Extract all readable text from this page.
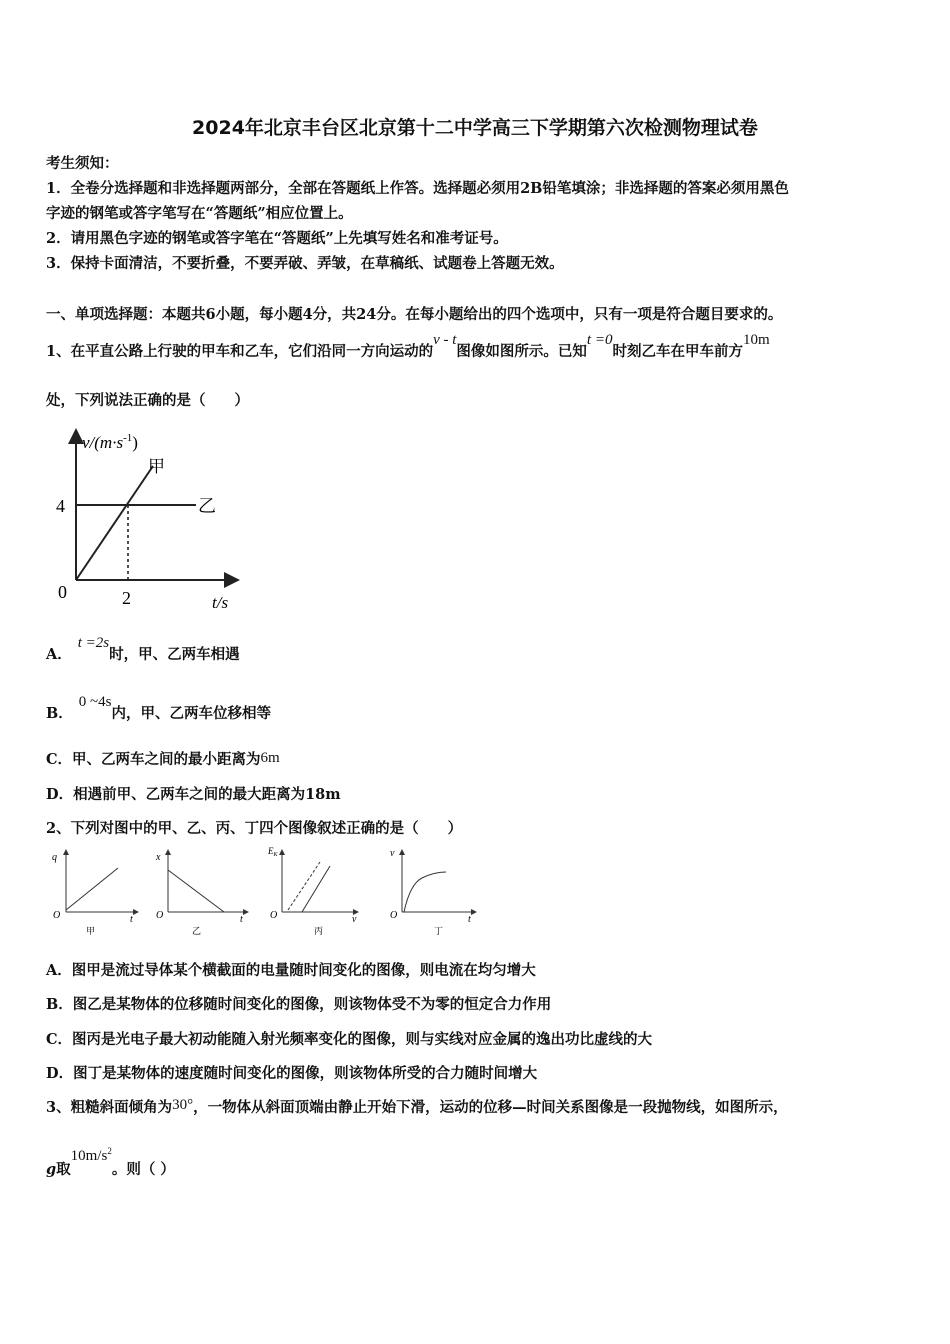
2024年北京丰台区北京第十二中学高三下学期第六次检测物理试卷
考生须知：
1．全卷分选择题和非选择题两部分，全部在答题纸上作答。选择题必须用2B铅笔填涂；非选择题的答案必须用黑色
字迹的钢笔或答字笔写在“答题纸”相应位置上。
2．请用黑色字迹的钢笔或答字笔在“答题纸”上先填写姓名和准考证号。
3．保持卡面清洁，不要折叠，不要弄破、弄皱，在草稿纸、试题卷上答题无效。
一、单项选择题：本题共6小题，每小题4分，共24分。在每小题给出的四个选项中，只有一项是符合题目要求的。
1、在平直公路上行驶的甲车和乙车，它们沿同一方向运动的v - t图像如图所示。已知t =0时刻乙车在甲车前方10m
处，下列说法正确的是（　　）
$v/(m\cdot s^{-1})$
甲
乙
4
0	2	t/s
A．t =2s时，甲、乙两车相遇
B．0 ~4s内，甲、乙两车位移相等
C．甲、乙两车之间的最小距离为6m
D．相遇前甲、乙两车之间的最大距离为18m
2、下列对图中的甲、乙、丙、丁四个图像叙述正确的是（　　）
q
O	t
甲
x
O	t
乙
$E_K$
O	ν
丙
v
O	t
丁
A．图甲是流过导体某个横截面的电量随时间变化的图像，则电流在均匀增大
B．图乙是某物体的位移随时间变化的图像，则该物体受不为零的恒定合力作用
C．图丙是光电子最大初动能随入射光频率变化的图像，则与实线对应金属的逸出功比虚线的大
D．图丁是某物体的速度随时间变化的图像，则该物体所受的合力随时间增大
3、粗糙斜面倾角为30°，一物体从斜面顶端由静止开始下滑，运动的位移—时间关系图像是一段抛物线，如图所示，
g取$10m/s^2$。则（ ）
